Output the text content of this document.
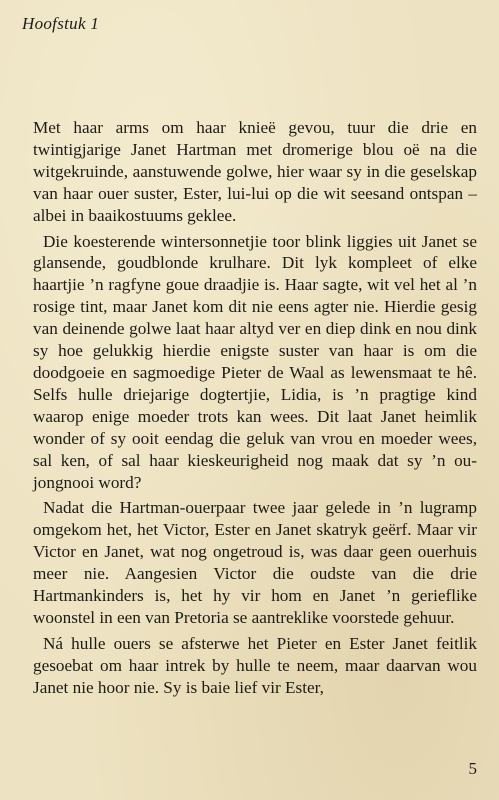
Hoofstuk 1

Met haar arms om haar knieë gevou, tuur die drie en twintigjarige Janet Hartman met dromerige blou oë na die witgekruinde, aanstuwende golwe, hier waar sy in die geselskap van haar ouer suster, Ester, lui-lui op die wit seesand ontspan – albei in baaikostuums geklee.

Die koesterende wintersonnetjie toor blink liggies uit Janet se glansende, goudblonde krulhare. Dit lyk kompleet of elke haartjie ’n ragfyne goue draadjie is. Haar sagte, wit vel het al ’n rosige tint, maar Janet kom dit nie eens agter nie. Hierdie gesig van deinende golwe laat haar altyd ver en diep dink en nou dink sy hoe gelukkig hierdie enigste suster van haar is om die doodgoeie en sagmoedige Pieter de Waal as lewensmaat te hê. Selfs hulle driejarige dogtertjie, Lidia, is ’n pragtige kind waarop enige moeder trots kan wees. Dit laat Janet heimlik wonder of sy ooit eendag die geluk van vrou en moeder wees, sal ken, of sal haar kieskeurigheid nog maak dat sy ’n oujongnooi word?

Nadat die Hartman-ouerpaar twee jaar gelede in ’n lugramp omgekom het, het Victor, Ester en Janet skatryk geërf. Maar vir Victor en Janet, wat nog ongetroud is, was daar geen ouerhuis meer nie. Aangesien Victor die oudste van die drie Hartmankinders is, het hy vir hom en Janet ’n gerieflike woonstel in een van Pretoria se aantreklike voorstede gehuur.

Ná hulle ouers se afsterwe het Pieter en Ester Janet feitlik gesoebat om haar intrek by hulle te neem, maar daarvan wou Janet nie hoor nie. Sy is baie lief vir Ester,

5
